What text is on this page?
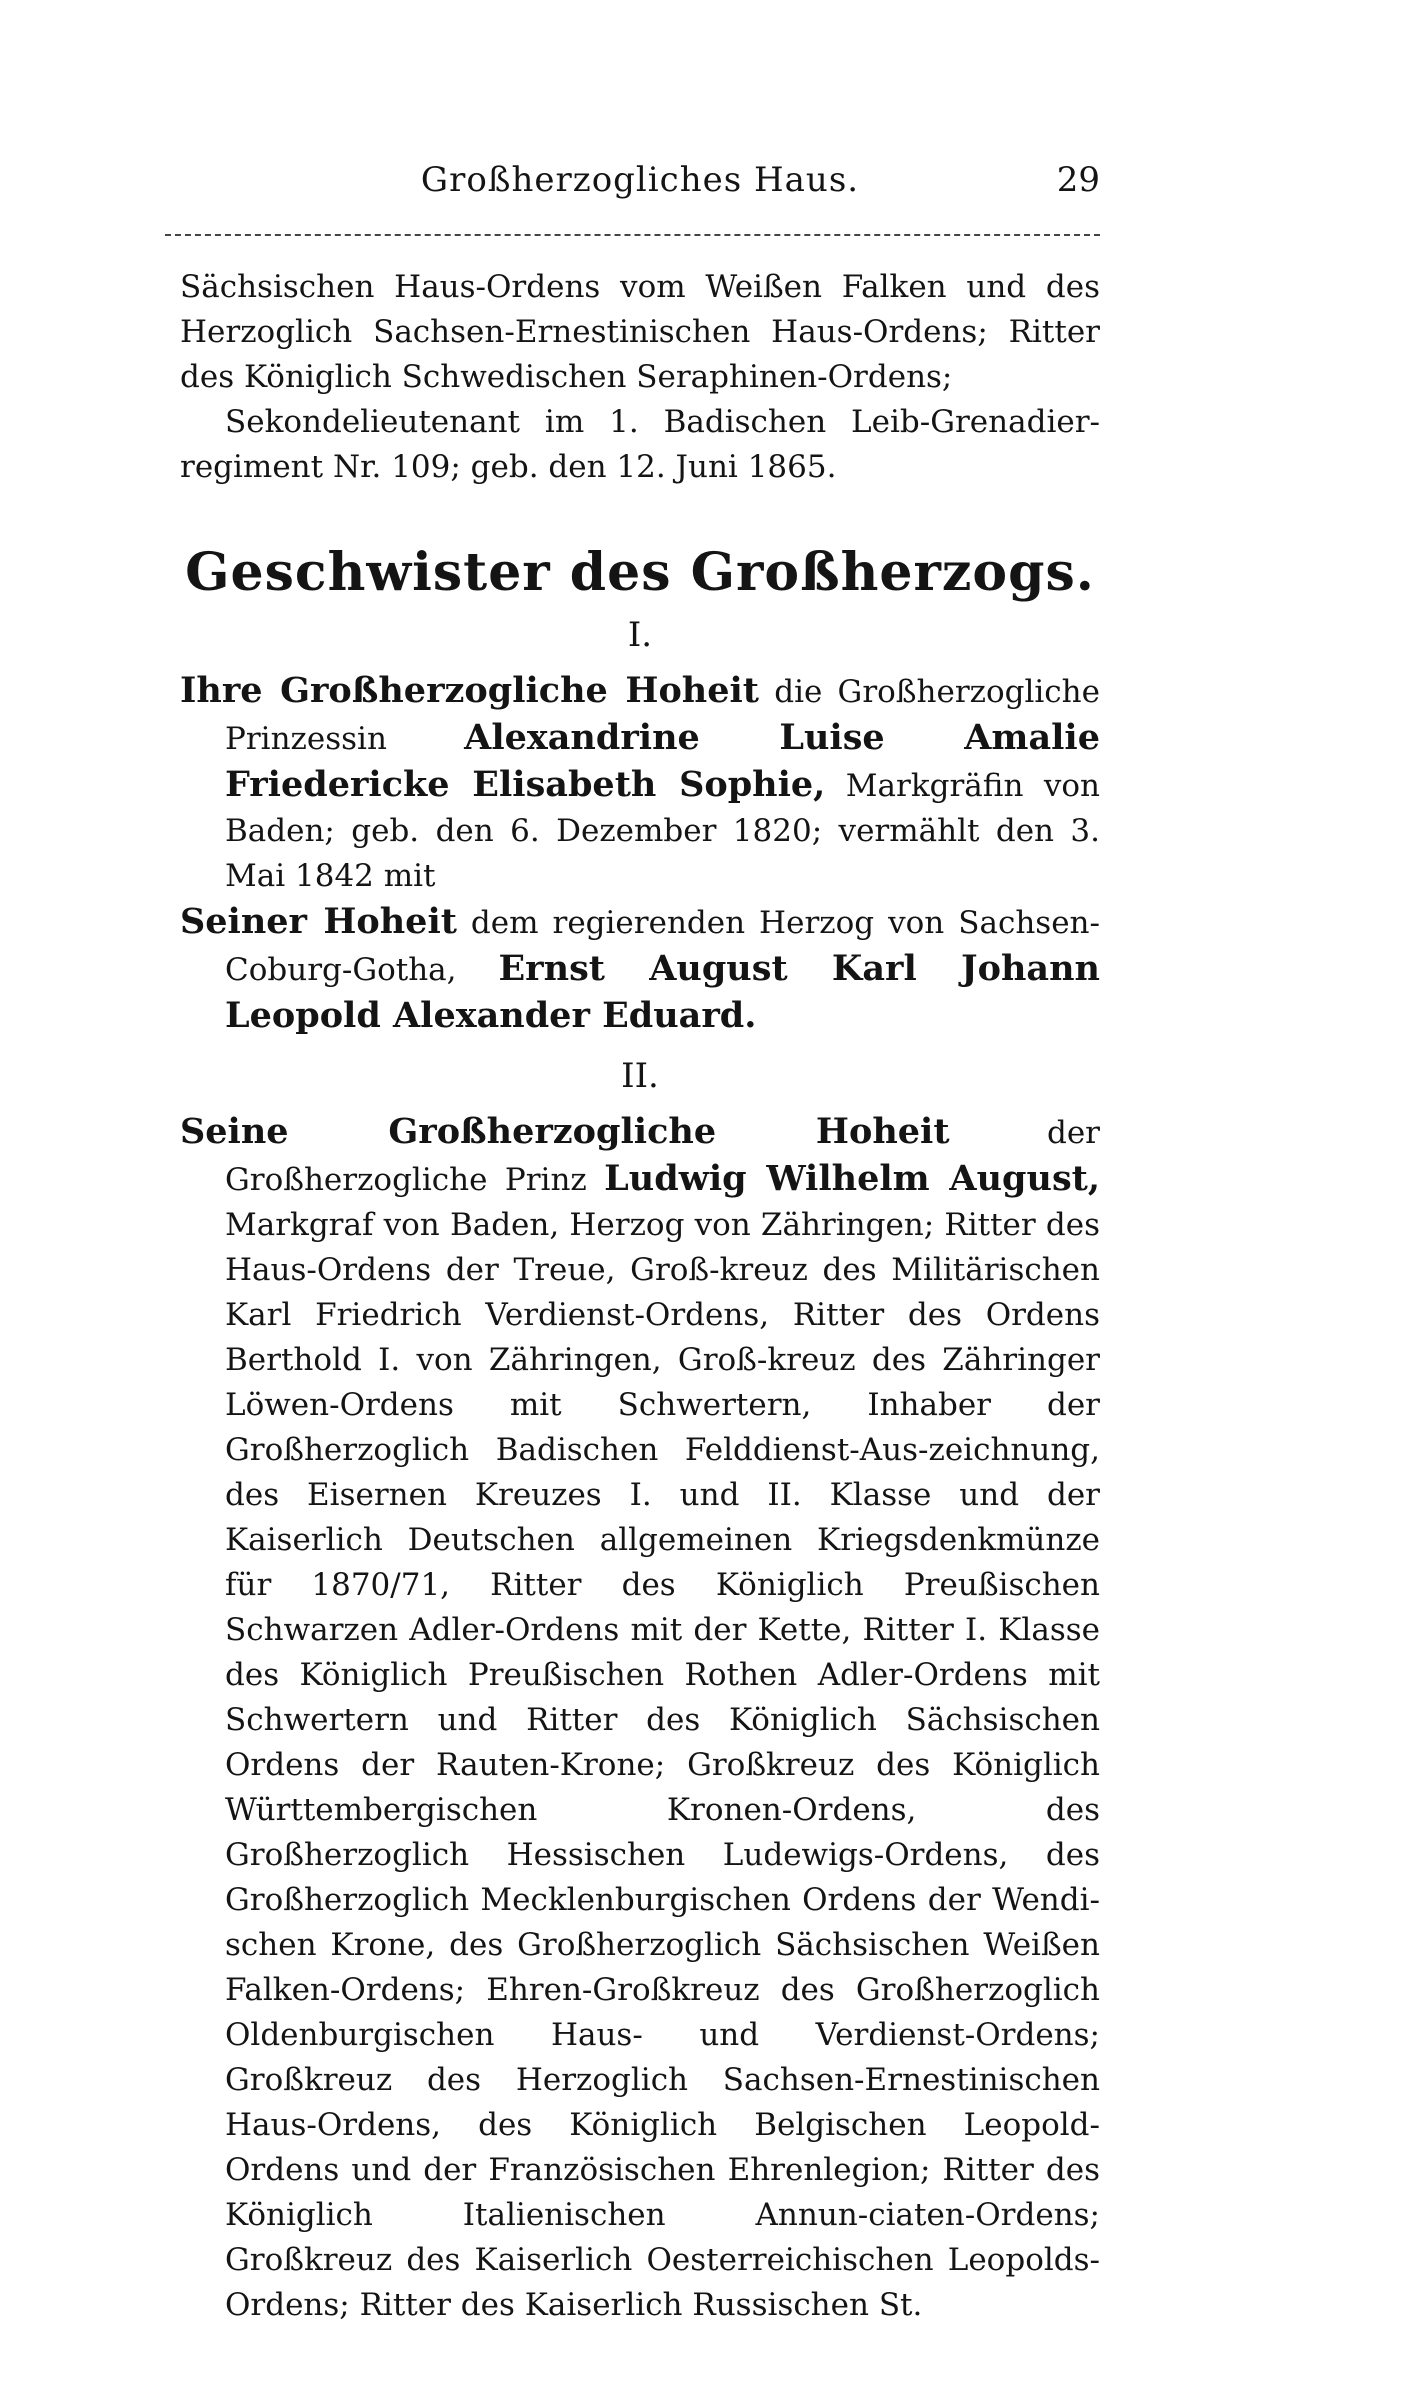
Großherzogliches Haus.	29

Sächsischen Haus-Ordens vom Weißen Falken und des Herzoglich Sachsen-Ernestinischen Haus-Ordens; Ritter des Königlich Schwedischen Seraphinen-Ordens;

Sekondelieutenant im 1. Badischen Leib-Grenadier-regiment Nr. 109; geb. den 12. Juni 1865.

Geschwister des Großherzogs.

I.

Ihre Großherzogliche Hoheit die Großherzogliche Prinzessin Alexandrine Luise Amalie Friedericke Elisabeth Sophie, Markgräfin von Baden; geb. den 6. Dezember 1820; vermählt den 3. Mai 1842 mit

Seiner Hoheit dem regierenden Herzog von Sachsen-Coburg-Gotha, Ernst August Karl Johann Leopold Alexander Eduard.

II.

Seine Großherzogliche Hoheit	der Großherzogliche Prinz Ludwig Wilhelm August, Markgraf von Baden, Herzog von Zähringen; Ritter des Haus-Ordens der Treue, Groß-kreuz des Militärischen Karl Friedrich Verdienst-Ordens, Ritter des Ordens Berthold I. von Zähringen, Groß-kreuz des Zähringer Löwen-Ordens mit Schwertern, Inhaber der Großherzoglich Badischen Felddienst-Aus-zeichnung, des Eisernen Kreuzes I. und II. Klasse und der Kaiserlich Deutschen allgemeinen Kriegsdenkmünze für 1870/71, Ritter des Königlich Preußischen Schwarzen Adler-Ordens mit der Kette, Ritter I. Klasse des Königlich Preußischen Rothen Adler-Ordens mit Schwertern und Ritter des Königlich Sächsischen Ordens der Rauten-Krone; Großkreuz des Königlich Württembergischen Kronen-Ordens, des Großherzoglich Hessischen Ludewigs-Ordens, des Großherzoglich Mecklenburgischen Ordens der Wendi-schen Krone, des Großherzoglich Sächsischen Weißen Falken-Ordens; Ehren-Großkreuz des Großherzoglich Oldenburgischen Haus- und Verdienst-Ordens; Großkreuz des Herzoglich Sachsen-Ernestinischen Haus-Ordens, des Königlich Belgischen Leopold-Ordens und der Französischen Ehrenlegion; Ritter des Königlich Italienischen Annun-ciaten-Ordens; Großkreuz des Kaiserlich Oesterreichischen Leopolds-Ordens; Ritter des Kaiserlich Russischen St.
